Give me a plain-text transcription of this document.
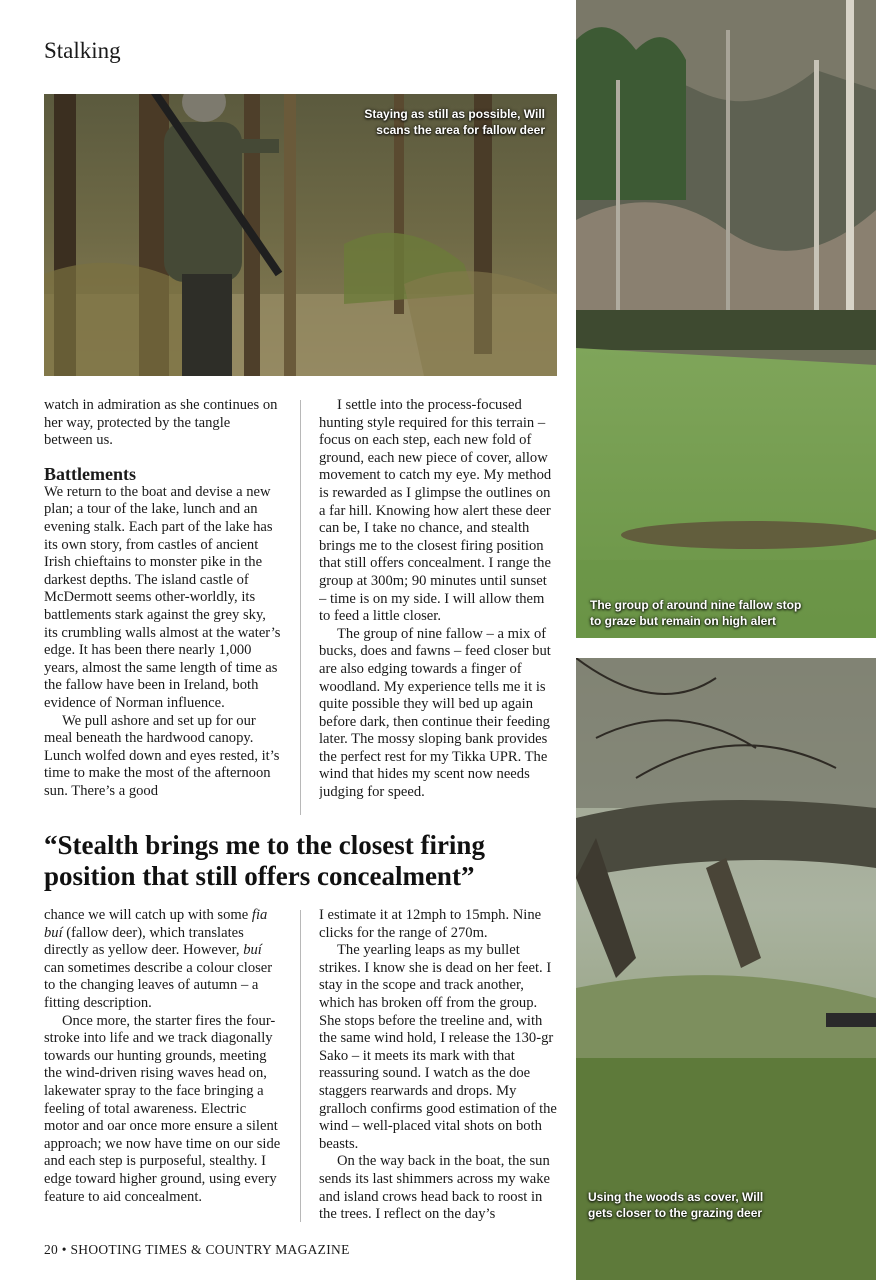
Stalking
Staying as still as possible, Will scans the area for fallow deer
The group of around nine fallow stop to graze but remain on high alert
Using the woods as cover, Will gets closer to the grazing deer

watch in admiration as she continues on her way, protected by the tangle between us.

Battlements

We return to the boat and devise a new plan; a tour of the lake, lunch and an evening stalk. Each part of the lake has its own story, from castles of ancient Irish chieftains to monster pike in the darkest depths. The island castle of McDermott seems other-worldly, its battlements stark against the grey sky, its crumbling walls almost at the water’s edge. It has been there nearly 1,000 years, almost the same length of time as the fallow have been in Ireland, both evidence of Norman influence.

We pull ashore and set up for our meal beneath the hardwood canopy. Lunch wolfed down and eyes rested, it’s time to make the most of the afternoon sun. There’s a good

I settle into the process-focused hunting style required for this terrain – focus on each step, each new fold of ground, each new piece of cover, allow movement to catch my eye. My method is rewarded as I glimpse the outlines on a far hill. Knowing how alert these deer can be, I take no chance, and stealth brings me to the closest firing position that still offers concealment. I range the group at 300m; 90 minutes until sunset – time is on my side. I will allow them to feed a little closer.

The group of nine fallow – a mix of bucks, does and fawns – feed closer but are also edging towards a finger of woodland. My experience tells me it is quite possible they will bed up again before dark, then continue their feeding later. The mossy sloping bank provides the perfect rest for my Tikka UPR. The wind that hides my scent now needs judging for speed.

“Stealth brings me to the closest firing position that still offers concealment”

chance we will catch up with some fia buí (fallow deer), which translates directly as yellow deer. However, buí can sometimes describe a colour closer to the changing leaves of autumn – a fitting description.

Once more, the starter fires the four-stroke into life and we track diagonally towards our hunting grounds, meeting the wind-driven rising waves head on, lakewater spray to the face bringing a feeling of total awareness. Electric motor and oar once more ensure a silent approach; we now have time on our side and each step is purposeful, stealthy. I edge toward higher ground, using every feature to aid concealment.

I estimate it at 12mph to 15mph. Nine clicks for the range of 270m.

The yearling leaps as my bullet strikes. I know she is dead on her feet. I stay in the scope and track another, which has broken off from the group. She stops before the treeline and, with the same wind hold, I release the 130-gr Sako – it meets its mark with that reassuring sound. I watch as the doe staggers rearwards and drops. My gralloch confirms good estimation of the wind – well-placed vital shots on both beasts.

On the way back in the boat, the sun sends its last shimmers across my wake and island crows head back to roost in the trees. I reflect on the day’s

20 • SHOOTING TIMES & COUNTRY MAGAZINE
